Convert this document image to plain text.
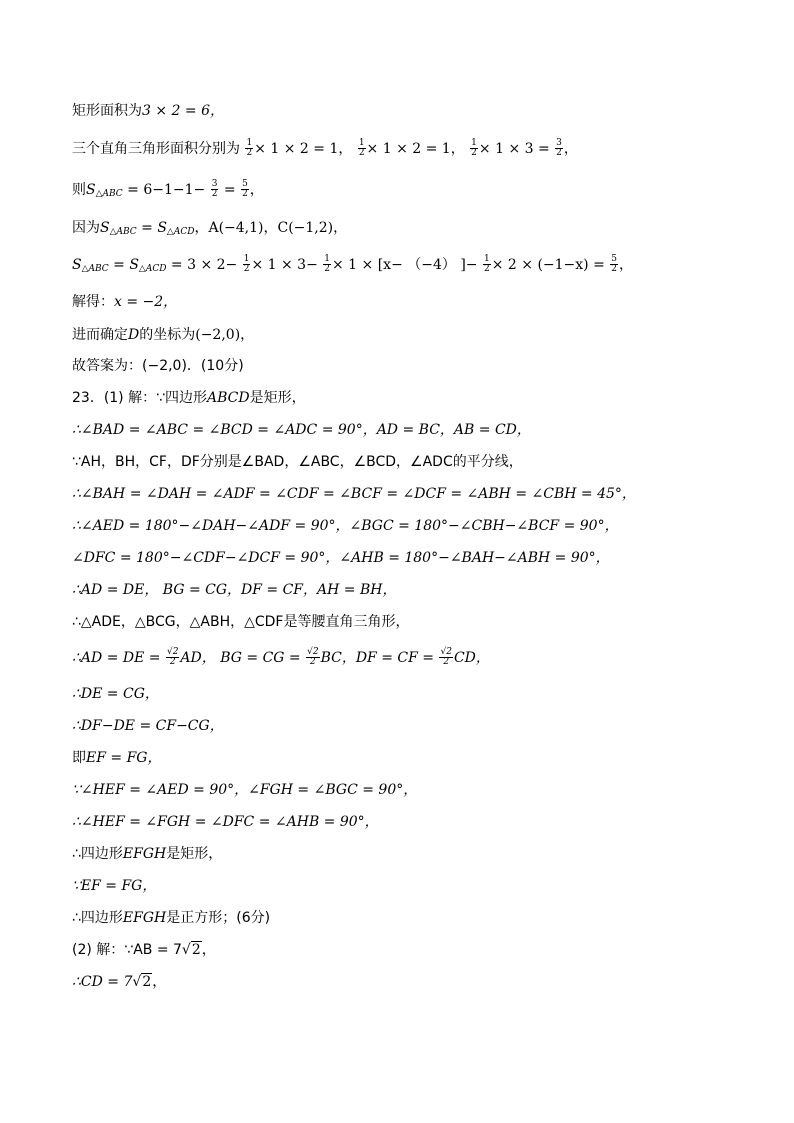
矩形面积为3 × 2 = 6，
三个直角三角形面积分别为 $\frac{1}{2} \times 1 \times 2 = 1$， $\frac{1}{2} \times 1 \times 2 = 1$， $\frac{1}{2} \times 1 \times 3 = \frac{3}{2}$ ，
则$S_{\triangle ABC} = 6-1-1- \frac{3}{2} = \frac{5}{2}$ ，
因为$S_{\triangle ABC} = S_{\triangle ACD}$，A(−4,1)，C(−1,2)，
$S_{\triangle ABC} = S_{\triangle ACD} = 3 \times 2- \frac{1}{2} \times 1 \times 3- \frac{1}{2} \times 1 \times [x- (-4)$ ]− $\frac{1}{2} \times 2 \times (-1-x) = \frac{5}{2}$ ，
解得：x = −2，
进而确定D的坐标为(−2,0)，
故答案为：(−2,0)．(10分)
23．(1) 解：∵四边形ABCD是矩形，
∴∠BAD = ∠ABC = ∠BCD = ∠ADC = 90°，AD = BC，AB = CD，
∵AH，BH，CF，DF分别是∠BAD，∠ABC，∠BCD，∠ADC的平分线，
∴∠BAH = ∠DAH = ∠ADF = ∠CDF = ∠BCF = ∠DCF = ∠ABH = ∠CBH = 45°，
∴∠AED = 180°−∠DAH−∠ADF = 90°，∠BGC = 180°−∠CBH−∠BCF = 90°，
∠DFC = 180°−∠CDF−∠DCF = 90°，∠AHB = 180°−∠BAH−∠ABH = 90°，
∴AD = DE， BG = CG，DF = CF，AH = BH，
∴△ADE，△BCG，△ABH，△CDF是等腰直角三角形，
∴AD = DE = $\frac{√2}{2}$ AD， BG = CG = $\frac{√2}{2}$ BC，DF = CF = $\frac{√2}{2}$ CD，
∴DE = CG，
∴DF−DE = CF−CG，
即EF = FG，
∵∠HEF = ∠AED = 90°，∠FGH = ∠BGC = 90°，
∴∠HEF = ∠FGH = ∠DFC = ∠AHB = 90°，
∴四边形EFGH是矩形，
∵EF = FG，
∴四边形EFGH是正方形；(6分)
(2) 解：∵AB = 7√2，
∴CD = 7√2，
